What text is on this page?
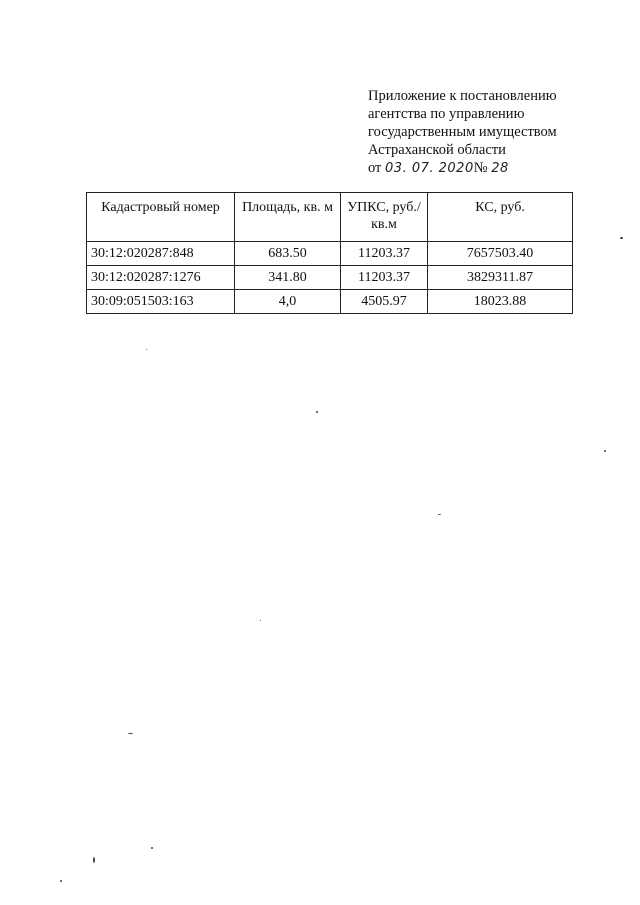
Приложение к постановлению
агентства по управлению
государственным имуществом
Астраханской области
от 03. 07. 2020№ 28
Кадастровый номер	Площадь, кв. м	УПКС, руб./кв.м	КС, руб.
30:12:020287:848	683.50	11203.37	7657503.40
30:12:020287:1276	341.80	11203.37	3829311.87
30:09:051503:163	4,0	4505.97	18023.88
